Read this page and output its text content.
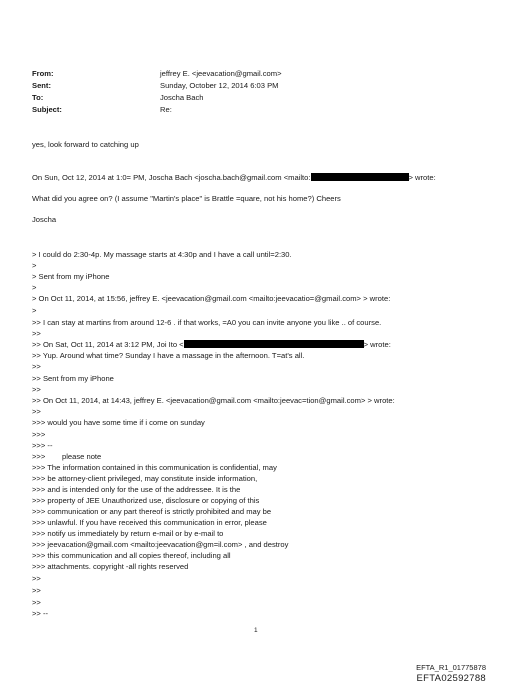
From:	jeffrey E. <jeevacation@gmail.com>
Sent:	Sunday, October 12, 2014 6:03 PM
To:	Joscha Bach
Subject:	Re:
yes, look forward to catching up
On Sun, Oct 12, 2014 at 1:0= PM, Joscha Bach <joscha.bach@gmail.com <mailto:	> wrote:
What did you agree on? (I assume "Martin's place" is Brattle =quare, not his home?) Cheers
Joscha
> I could do 2:30-4p. My massage starts at 4:30p and I have a call until=2:30.
>
> Sent from my iPhone
>
> On Oct 11, 2014, at 15:56, jeffrey E. <jeevacation@gmail.com <mailto:jeevacatio=@gmail.com> > wrote:
>
>> I can stay at martins from around 12-6 . if that works, =A0 you can invite anyone you like .. of course.
>>
>> On Sat, Oct 11, 2014 at 3:12 PM, Joi Ito <	> wrote:
>> Yup. Around what time? Sunday I have a massage in the afternoon. T=at's all.
>>
>> Sent from my iPhone
>>
>> On Oct 11, 2014, at 14:43, jeffrey E. <jeevacation@gmail.com <mailto:jeevac=tion@gmail.com> > wrote:
>>
>>> would you have some time if i come on sunday
>>>
>>> --
>>> please note
>>> The information contained in this communication is confidential, may
>>> be attorney-client privileged, may constitute inside information,
>>> and is intended only for the use of the addressee. It is the
>>> property of JEE Unauthorized use, disclosure or copying of this
>>> communication or any part thereof is strictly prohibited and may be
>>> unlawful. If you have received this communication in error, please
>>> notify us immediately by return e-mail or by e-mail to
>>> jeevacation@gmail.com <mailto:jeevacation@gm=il.com> , and destroy
>>> this communication and all copies thereof, including all
>>> attachments. copyright -all rights reserved
>>
>>
>>
>> --
1
EFTA_R1_01775878
EFTA02592788
